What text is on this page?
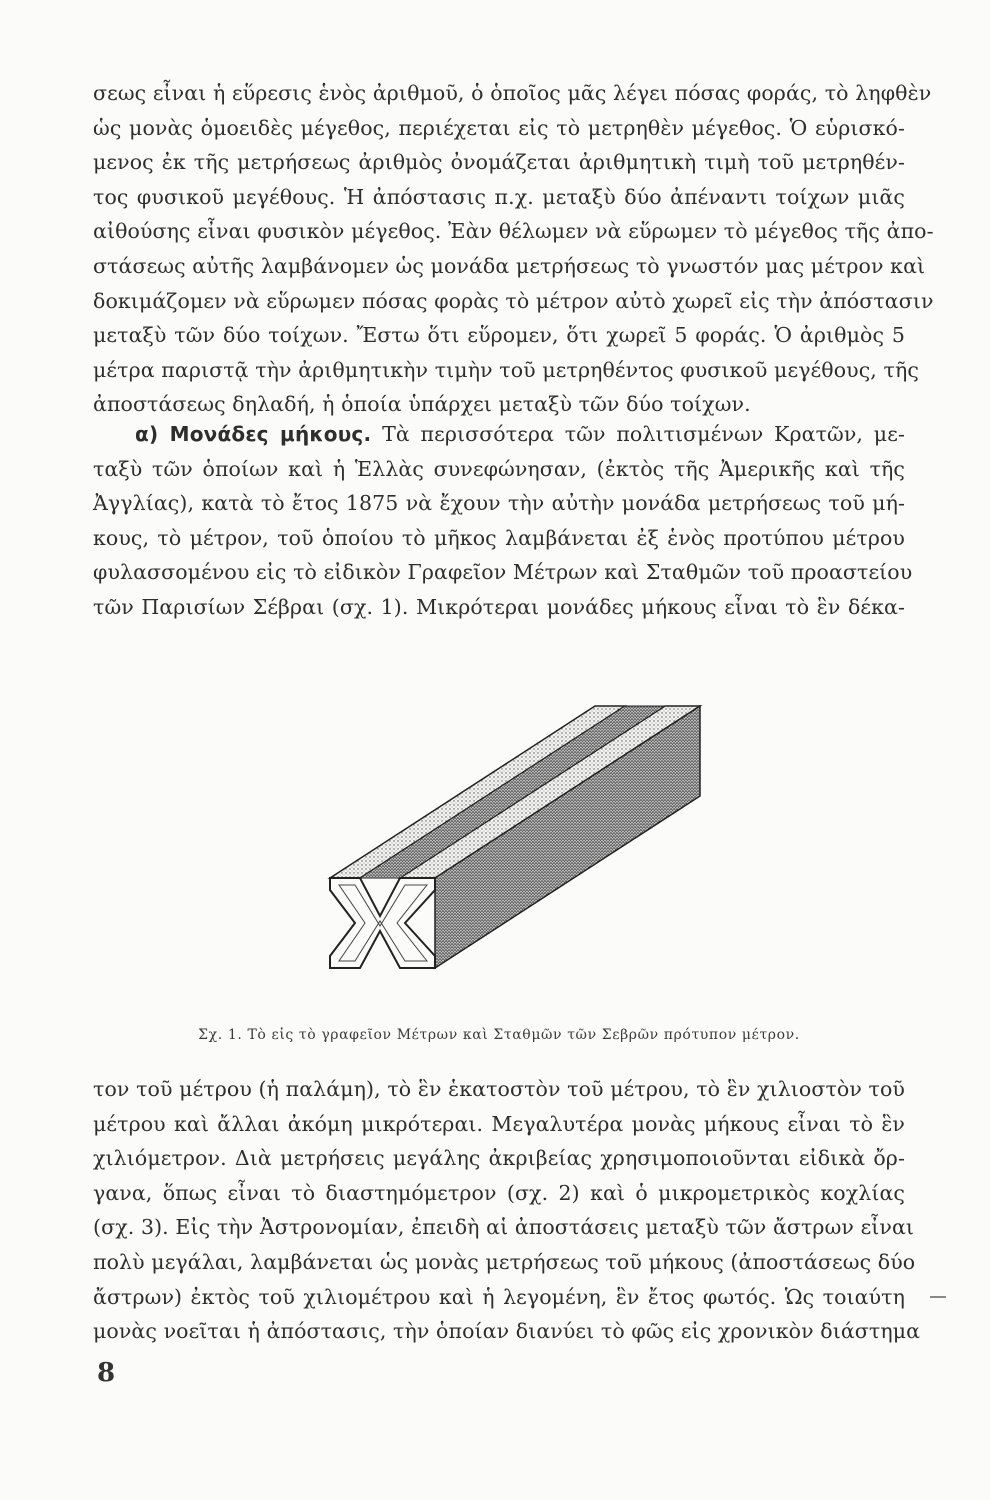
σεως εἶναι ἡ εὕρεσις ἑνὸς ἀριθμοῦ, ὁ ὁποῖος μᾶς λέγει πόσας φοράς, τὸ ληφθὲν
ὡς μονὰς ὁμοειδὲς μέγεθος, περιέχεται εἰς τὸ μετρηθὲν μέγεθος. Ὁ εὑρισκό-
μενος ἐκ τῆς μετρήσεως ἀριθμὸς ὀνομάζεται ἀριθμητικὴ τιμὴ τοῦ μετρηθέν-
τος φυσικοῦ μεγέθους. Ἡ ἀπόστασις π.χ. μεταξὺ δύο ἀπέναντι τοίχων μιᾶς
αἰθούσης εἶναι φυσικὸν μέγεθος. Ἐὰν θέλωμεν νὰ εὕρωμεν τὸ μέγεθος τῆς ἀπο-
στάσεως αὐτῆς λαμβάνομεν ὡς μονάδα μετρήσεως τὸ γνωστόν μας μέτρον καὶ
δοκιμάζομεν νὰ εὕρωμεν πόσας φορὰς τὸ μέτρον αὐτὸ χωρεῖ εἰς τὴν ἀπόστασιν
μεταξὺ τῶν δύο τοίχων. Ἔστω ὅτι εὕρομεν, ὅτι χωρεῖ 5 φοράς. Ὁ ἀριθμὸς 5
μέτρα παριστᾷ τὴν ἀριθμητικὴν τιμὴν τοῦ μετρηθέντος φυσικοῦ μεγέθους, τῆς
ἀποστάσεως δηλαδή, ἡ ὁποία ὑπάρχει μεταξὺ τῶν δύο τοίχων.
α) Μονάδες μήκους. Τὰ περισσότερα τῶν πολιτισμένων Κρατῶν, με-
ταξὺ τῶν ὁποίων καὶ ἡ Ἑλλὰς συνεφώνησαν, (ἐκτὸς τῆς Ἀμερικῆς καὶ τῆς
Ἀγγλίας), κατὰ τὸ ἔτος 1875 νὰ ἔχουν τὴν αὐτὴν μονάδα μετρήσεως τοῦ μή-
κους, τὸ μέτρον, τοῦ ὁποίου τὸ μῆκος λαμβάνεται ἐξ ἑνὸς προτύπου μέτρου
φυλασσομένου εἰς τὸ εἰδικὸν Γραφεῖον Μέτρων καὶ Σταθμῶν τοῦ προαστείου
τῶν Παρισίων Σέβραι (σχ. 1). Μικρότεραι μονάδες μήκους εἶναι τὸ ἓν δέκα-
Σχ. 1. Τὸ εἰς τὸ γραφεῖον Μέτρων καὶ Σταθμῶν τῶν Σεβρῶν πρότυπον μέτρον.
τον τοῦ μέτρου (ἡ παλάμη), τὸ ἓν ἑκατοστὸν τοῦ μέτρου, τὸ ἓν χιλιοστὸν τοῦ
μέτρου καὶ ἄλλαι ἀκόμη μικρότεραι. Μεγαλυτέρα μονὰς μήκους εἶναι τὸ ἓν
χιλιόμετρον. Διὰ μετρήσεις μεγάλης ἀκριβείας χρησιμοποιοῦνται εἰδικὰ ὄρ-
γανα, ὅπως εἶναι τὸ διαστημόμετρον (σχ. 2) καὶ ὁ μικρομετρικὸς κοχλίας
(σχ. 3). Εἰς τὴν Ἀστρονομίαν, ἐπειδὴ αἱ ἀποστάσεις μεταξὺ τῶν ἄστρων εἶναι
πολὺ μεγάλαι, λαμβάνεται ὡς μονὰς μετρήσεως τοῦ μήκους (ἀποστάσεως δύο
ἄστρων) ἐκτὸς τοῦ χιλιομέτρου καὶ ἡ λεγομένη, ἓν ἔτος φωτός. Ὡς τοιαύτη
μονὰς νοεῖται ἡ ἀπόστασις, τὴν ὁποίαν διανύει τὸ φῶς εἰς χρονικὸν διάστημα
8
